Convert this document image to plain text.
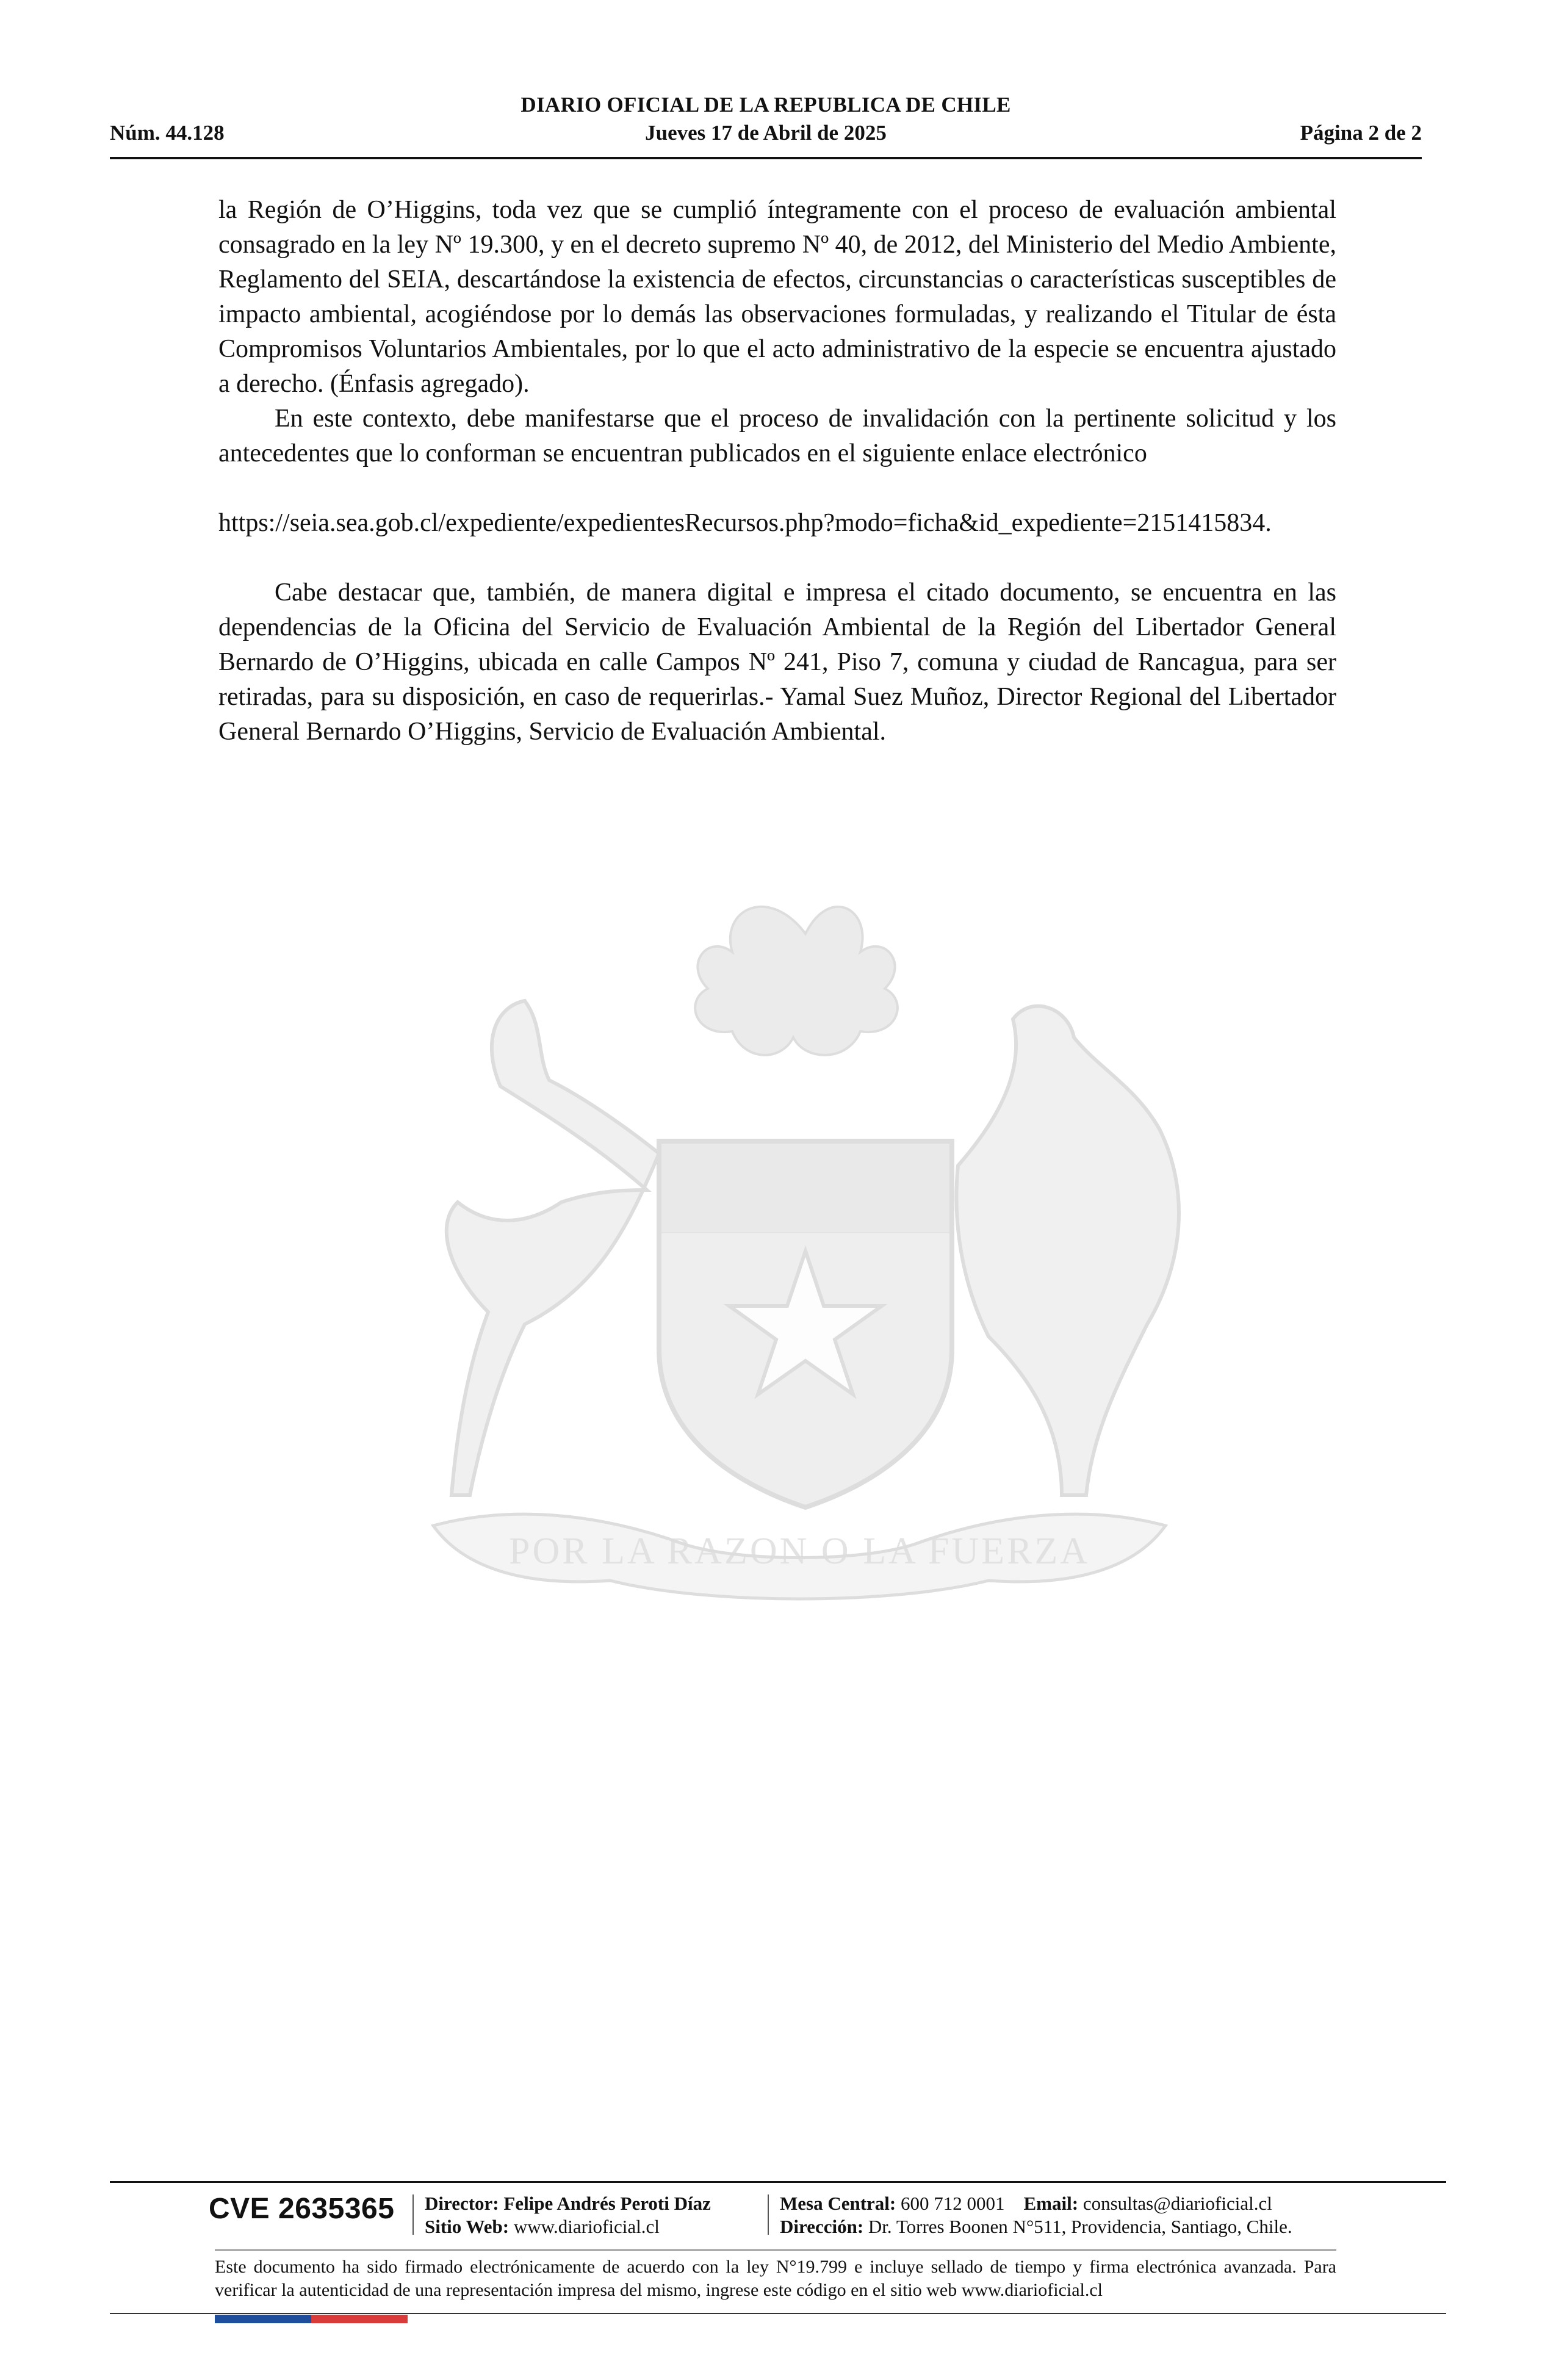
DIARIO OFICIAL DE LA REPUBLICA DE CHILE
Núm. 44.128	Jueves 17 de Abril de 2025	Página 2 de 2
POR LA RAZON O LA FUERZA

la Región de O’Higgins, toda vez que se cumplió íntegramente con el proceso de evaluación ambiental consagrado en la ley Nº 19.300, y en el decreto supremo Nº 40, de 2012, del Ministerio del Medio Ambiente, Reglamento del SEIA, descartándose la existencia de efectos, circunstancias o características susceptibles de impacto ambiental, acogiéndose por lo demás las observaciones formuladas, y realizando el Titular de ésta Compromisos Voluntarios Ambientales, por lo que el acto administrativo de la especie se encuentra ajustado a derecho. (Énfasis agregado).

En este contexto, debe manifestarse que el proceso de invalidación con la pertinente solicitud y los antecedentes que lo conforman se encuentran publicados en el siguiente enlace electrónico

https://seia.sea.gob.cl/expediente/expedientesRecursos.php?modo=ficha&id_expediente=2151415834.

Cabe destacar que, también, de manera digital e impresa el citado documento, se encuentra en las dependencias de la Oficina del Servicio de Evaluación Ambiental de la Región del Libertador General Bernardo de O’Higgins, ubicada en calle Campos Nº 241, Piso 7, comuna y ciudad de Rancagua, para ser retiradas, para su disposición, en caso de requerirlas.- Yamal Suez Muñoz, Director Regional del Libertador General Bernardo O’Higgins, Servicio de Evaluación Ambiental.

CVE 2635365 Director: Felipe Andrés Peroti Díaz
Sitio Web: www.diarioficial.cl
Mesa Central: 600 712 0001 Email: consultas@diarioficial.cl
Dirección: Dr. Torres Boonen N°511, Providencia, Santiago, Chile.
Este documento ha sido firmado electrónicamente de acuerdo con la ley N°19.799 e incluye sellado de tiempo y firma electrónica avanzada. Para verificar la autenticidad de una representación impresa del mismo, ingrese este código en el sitio web www.diarioficial.cl
